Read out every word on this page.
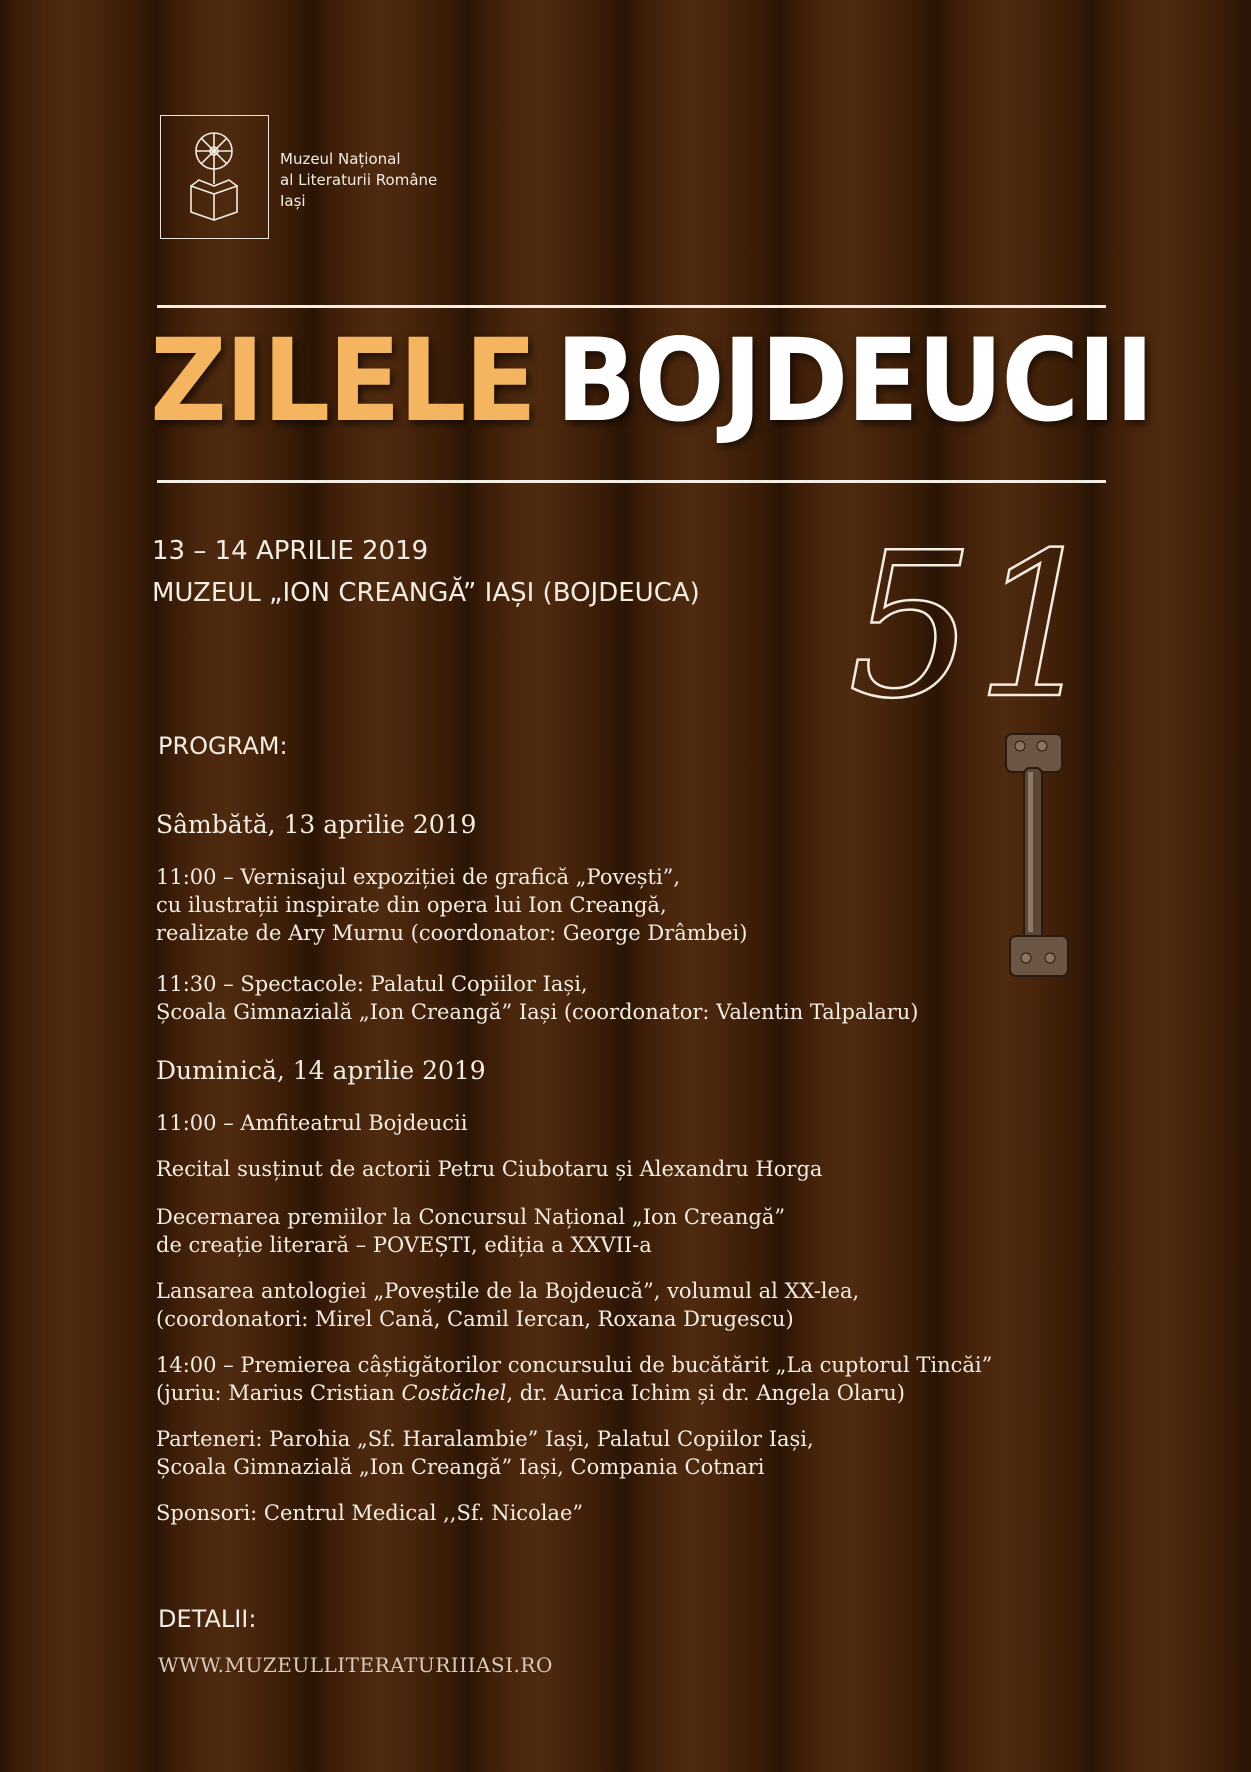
Muzeul Național
al Literaturii Române
Iași
ZILELE BOJDEUCII
13 – 14 APRILIE 2019
MUZEUL „ION CREANGĂ” IAȘI (BOJDEUCA) 51
PROGRAM:
Sâmbătă, 13 aprilie 2019
11:00 – Vernisajul expoziției de grafică „Povești”,
cu ilustrații inspirate din opera lui Ion Creangă,
realizate de Ary Murnu (coordonator: George Drâmbei)
11:30 – Spectacole: Palatul Copiilor Iași,
Școala Gimnazială „Ion Creangă” Iași (coordonator: Valentin Talpalaru)
Duminică, 14 aprilie 2019
11:00 – Amfiteatrul Bojdeucii
Recital susținut de actorii Petru Ciubotaru și Alexandru Horga
Decernarea premiilor la Concursul Național „Ion Creangă”
de creație literară – POVEȘTI, ediția a XXVII-a
Lansarea antologiei „Poveștile de la Bojdeucă”, volumul al XX-lea,
(coordonatori: Mirel Cană, Camil Iercan, Roxana Drugescu)
14:00 – Premierea câștigătorilor concursului de bucătărit „La cuptorul Tincăi”
(juriu: Marius Cristian Costăchel, dr. Aurica Ichim și dr. Angela Olaru)
Parteneri: Parohia „Sf. Haralambie” Iași, Palatul Copiilor Iași,
Școala Gimnazială „Ion Creangă” Iași, Compania Cotnari
Sponsori: Centrul Medical ,,Sf. Nicolae”
DETALII:
WWW.MUZEULLITERATURIIIASI.RO
